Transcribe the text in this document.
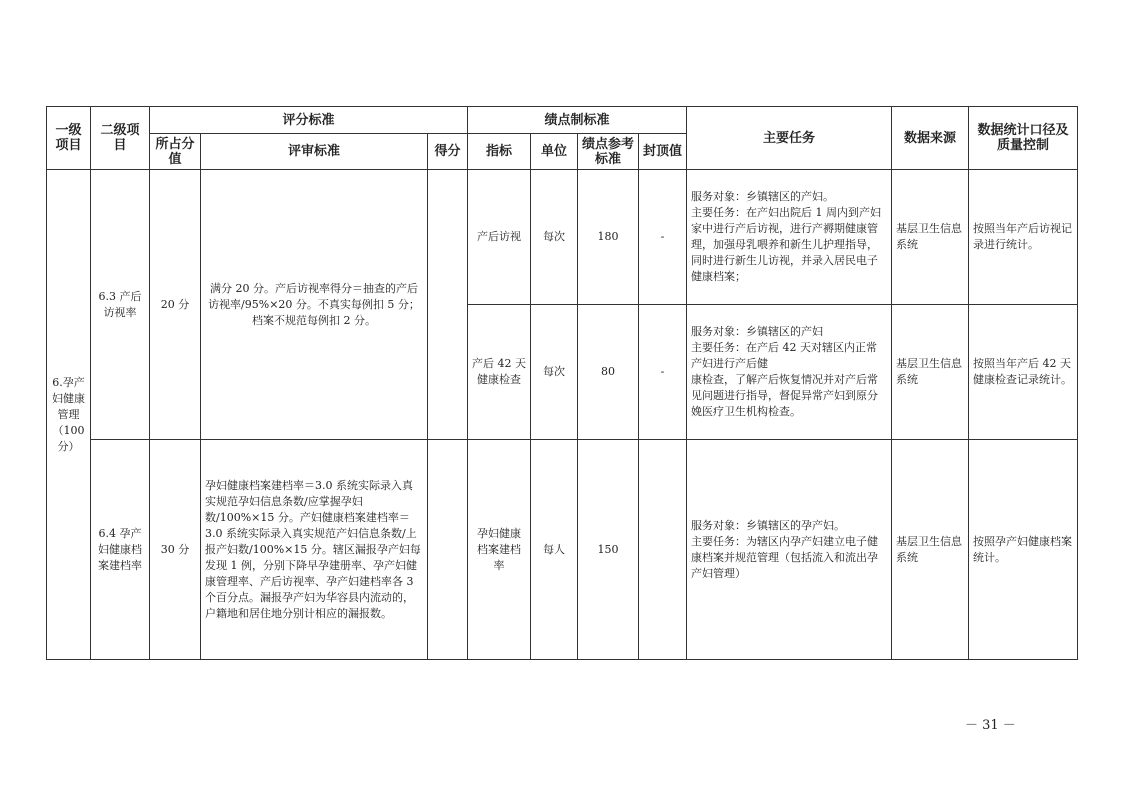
一级项目	二级项目	评分标准			绩点制标准				主要任务	数据来源	数据统计口径及质量控制
		所占分值	评审标准	得分	指标	单位	绩点参考标准	封顶值			
6.孕产妇健康管理（100分）	6.3 产后访视率	20 分	满分 20 分。产后访视率得分＝抽查的产后访视率/95%×20 分。不真实每例扣 5 分；档案不规范每例扣 2 分。		产后访视	每次	180	-	服务对象：乡镇辖区的产妇。
主要任务：在产妇出院后 1 周内到产妇家中进行产后访视，进行产褥期健康管理，加强母乳喂养和新生儿护理指导，同时进行新生儿访视，并录入居民电子健康档案；	基层卫生信息系统	按照当年产后访视记录进行统计。
					产后 42 天健康检查	每次	80	-	服务对象：乡镇辖区的产妇
主要任务：在产后 42 天对辖区内正常产妇进行产后健
康检查，了解产后恢复情况并对产后常见问题进行指导，督促异常产妇到原分娩医疗卫生机构检查。	基层卫生信息系统	按照当年产后 42 天健康检查记录统计。
	6.4 孕产妇健康档案建档率	30 分	孕妇健康档案建档率＝3.0 系统实际录入真实规范孕妇信息条数/应掌握孕妇数/100%×15 分。产妇健康档案建档率＝3.0 系统实际录入真实规范产妇信息条数/上报产妇数/100%×15 分。辖区漏报孕产妇每发现 1 例，分别下降早孕建册率、孕产妇健康管理率、产后访视率、孕产妇建档率各 3 个百分点。漏报孕产妇为华容县内流动的，户籍地和居住地分别计相应的漏报数。		孕妇健康档案建档率	每人	150		服务对象：乡镇辖区的孕产妇。
主要任务：为辖区内孕产妇建立电子健康档案并规范管理（包括流入和流出孕产妇管理）	基层卫生信息系统	按照孕产妇健康档案统计。
－ 31 －
